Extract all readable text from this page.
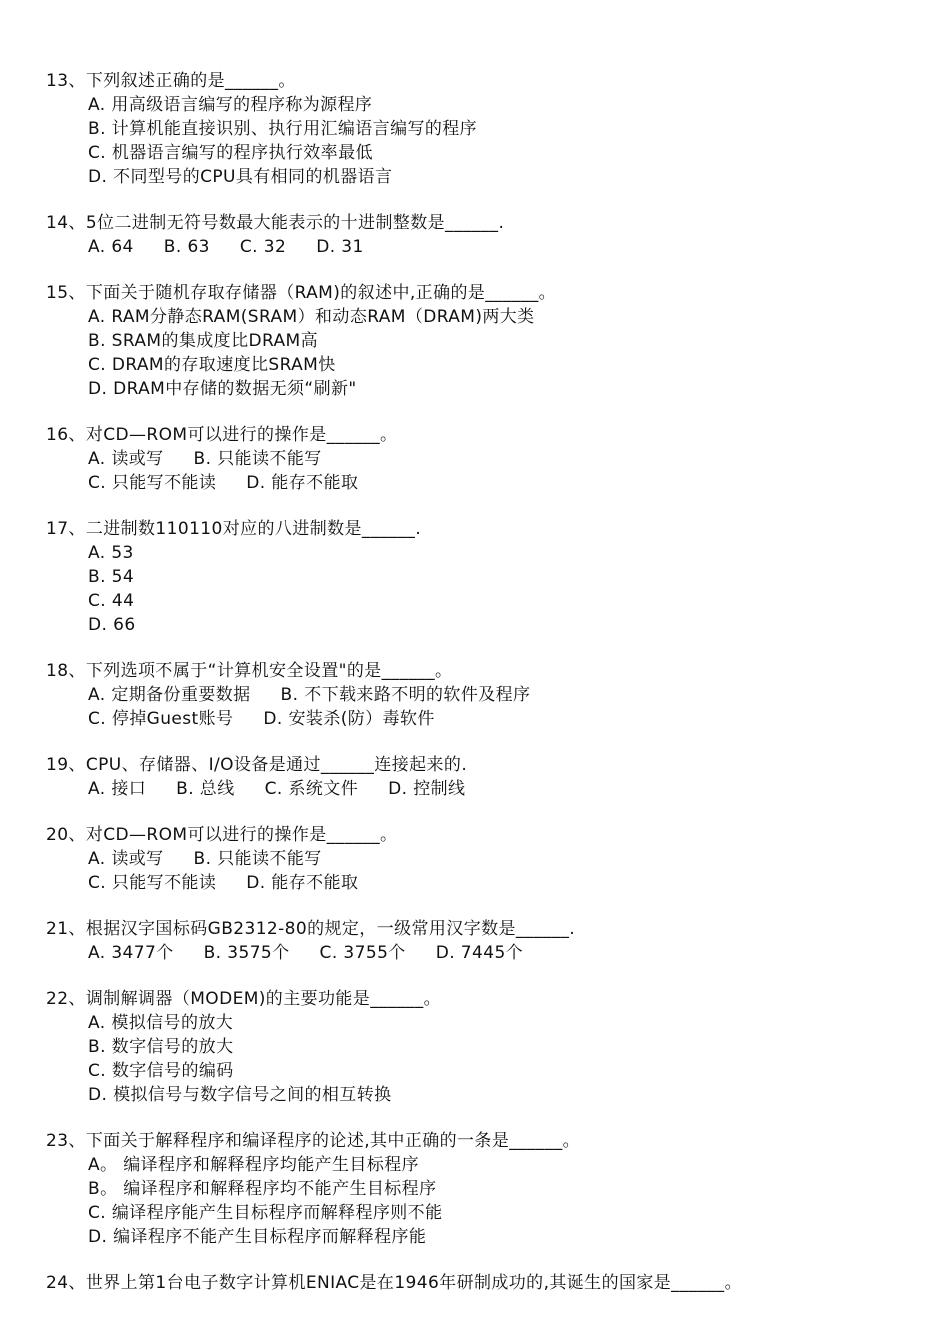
13、下列叙述正确的是______。
A. 用高级语言编写的程序称为源程序
B. 计算机能直接识别、执行用汇编语言编写的程序
C. 机器语言编写的程序执行效率最低
D. 不同型号的CPU具有相同的机器语言
14、5位二进制无符号数最大能表示的十进制整数是______.
A. 64 B. 63 C. 32 D. 31
15、下面关于随机存取存储器（RAM)的叙述中,正确的是______。
A. RAM分静态RAM(SRAM）和动态RAM（DRAM)两大类
B. SRAM的集成度比DRAM高
C. DRAM的存取速度比SRAM快
D. DRAM中存储的数据无须“刷新"
16、对CD—ROM可以进行的操作是______。
A. 读或写 B. 只能读不能写
C. 只能写不能读 D. 能存不能取
17、二进制数110110对应的八进制数是______.
A. 53
B. 54
C. 44
D. 66
18、下列选项不属于“计算机安全设置"的是______。
A. 定期备份重要数据 B. 不下载来路不明的软件及程序
C. 停掉Guest账号 D. 安装杀(防）毒软件
19、CPU、存储器、I/O设备是通过______连接起来的.
A. 接口 B. 总线 C. 系统文件 D. 控制线
20、对CD—ROM可以进行的操作是______。
A. 读或写 B. 只能读不能写
C. 只能写不能读 D. 能存不能取
21、根据汉字国标码GB2312-80的规定，一级常用汉字数是______.
A. 3477个 B. 3575个 C. 3755个 D. 7445个
22、调制解调器（MODEM)的主要功能是______。
A. 模拟信号的放大
B. 数字信号的放大
C. 数字信号的编码
D. 模拟信号与数字信号之间的相互转换
23、下面关于解释程序和编译程序的论述,其中正确的一条是______。
A。 编译程序和解释程序均能产生目标程序
B。 编译程序和解释程序均不能产生目标程序
C. 编译程序能产生目标程序而解释程序则不能
D. 编译程序不能产生目标程序而解释程序能
24、世界上第1台电子数字计算机ENIAC是在1946年研制成功的,其诞生的国家是______。
